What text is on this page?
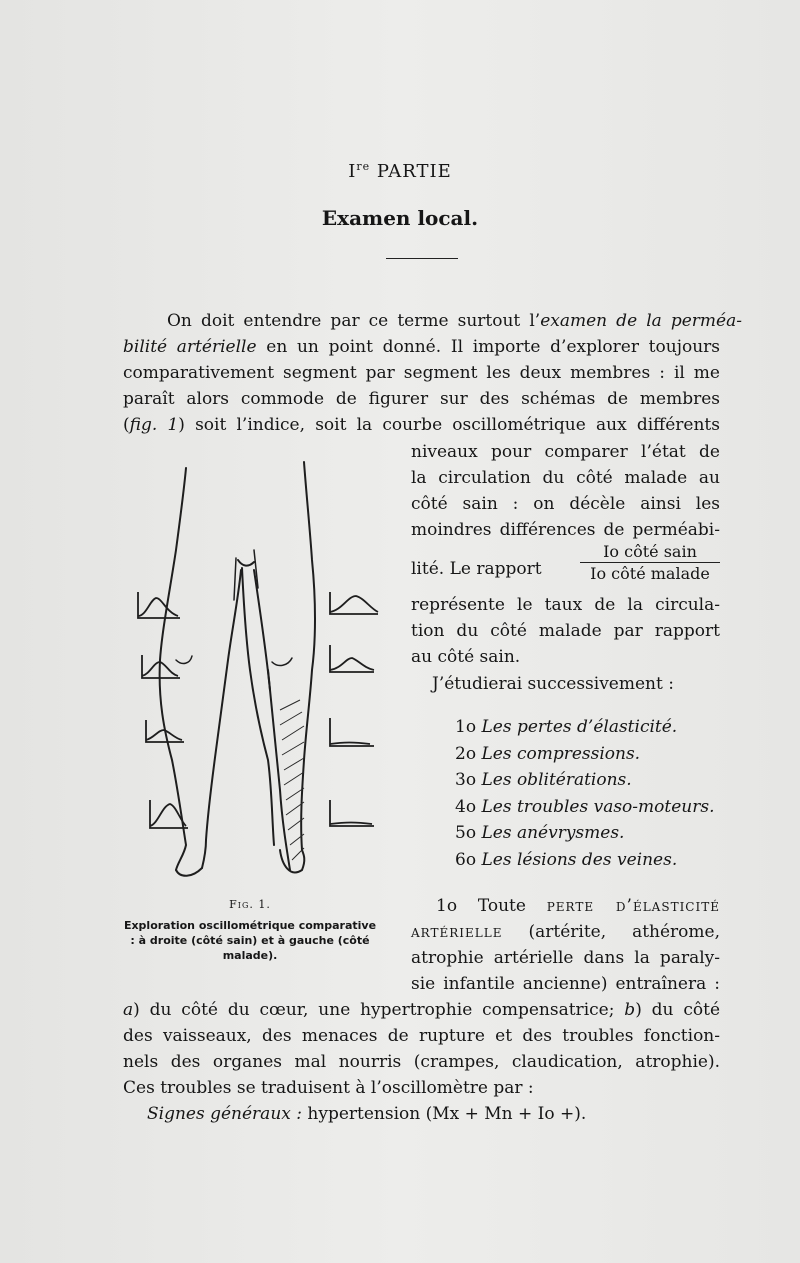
Ire PARTIE
Examen local.
On doit entendre par ce terme surtout l’examen de la perméa-
bilité artérielle en un point donné. Il importe d’explorer toujours
comparativement segment par segment les deux membres : il me
paraît alors commode de figurer sur des schémas de membres
(fig. 1) soit l’indice, soit la courbe oscillométrique aux différents
niveaux pour comparer l’état de
la circulation du côté malade au
côté sain : on décèle ainsi les
moindres différences de perméabi-
lité. Le rapport
Io côté sain
Io côté malade
représente le taux de la circula-
tion du côté malade par rapport
au côté sain.
J’étudierai successivement :
1o Les pertes d’élasticité.
2o Les compressions.
3o Les oblitérations.
4o Les troubles vaso-moteurs.
5o Les anévrysmes.
6o Les lésions des veines.
Fig. 1.
Exploration oscillométrique comparative : à droite (côté sain) et à gauche (côté malade).
1o Toute perte d’élasticité
artérielle (artérite, athérome,
atrophie artérielle dans la paraly-
sie infantile ancienne) entraînera :
a) du côté du cœur, une hypertrophie compensatrice; b) du côté
des vaisseaux, des menaces de rupture et des troubles fonction-
nels des organes mal nourris (crampes, claudication, atrophie).
Ces troubles se traduisent à l’oscillomètre par :
Signes généraux : hypertension (Mx + Mn + Io +).
